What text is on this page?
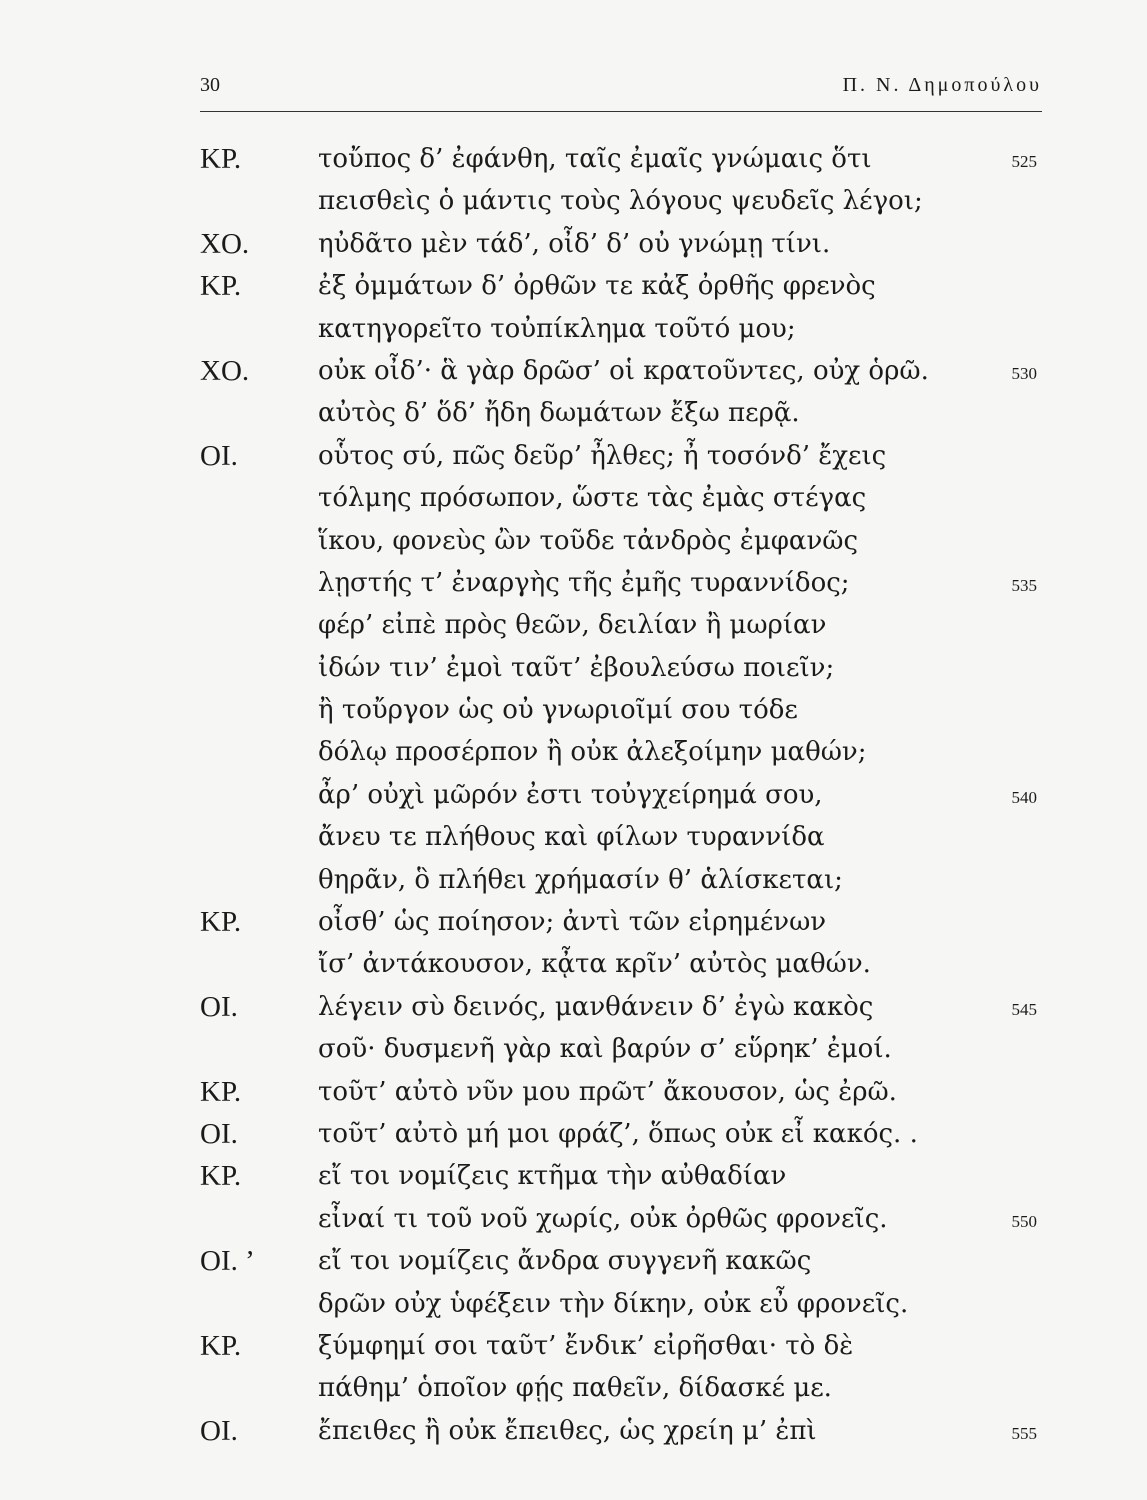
30	Π. Ν. Δημοπούλου
ΚΡ.	τοὔπος δ’ ἐφάνθη, ταῖς ἐμαῖς γνώμαις ὅτι	525
πεισθεὶς ὁ μάντις τοὺς λόγους ψευδεῖς λέγοι;
ΧΟ.	ηὐδᾶτο μὲν τάδ’, οἶδ’ δ’ οὐ γνώμῃ τίνι.
ΚΡ.	ἐξ ὀμμάτων δ’ ὀρθῶν τε κἀξ ὀρθῆς φρενὸς
κατηγορεῖτο τοὐπίκλημα τοῦτό μου;
ΧΟ.	οὐκ οἶδ’· ἃ γὰρ δρῶσ’ οἱ κρατοῦντες, οὐχ ὁρῶ.	530
αὐτὸς δ’ ὅδ’ ἤδη δωμάτων ἔξω περᾷ.
ΟΙ.	οὗτος σύ, πῶς δεῦρ’ ἦλθες; ἦ τοσόνδ’ ἔχεις
τόλμης πρόσωπον, ὥστε τὰς ἐμὰς στέγας
ἵκου, φονεὺς ὢν τοῦδε τἀνδρὸς ἐμφανῶς
λῃστής τ’ ἐναργὴς τῆς ἐμῆς τυραννίδος;	535
φέρ’ εἰπὲ πρὸς θεῶν, δειλίαν ἢ μωρίαν
ἰδών τιν’ ἐμοὶ ταῦτ’ ἐβουλεύσω ποιεῖν;
ἢ τοὔργον ὡς οὐ γνωριοῖμί σου τόδε
δόλῳ προσέρπον ἢ οὐκ ἀλεξοίμην μαθών;
ἆρ’ οὐχὶ μῶρόν ἐστι τοὐγχείρημά σου,	540
ἄνευ τε πλήθους καὶ φίλων τυραννίδα
θηρᾶν, ὃ πλήθει χρήμασίν θ’ ἁλίσκεται;
ΚΡ.	οἶσθ’ ὡς ποίησον; ἀντὶ τῶν εἰρημένων
ἴσ’ ἀντάκουσον, κᾆτα κρῖν’ αὐτὸς μαθών.
ΟΙ.	λέγειν σὺ δεινός, μανθάνειν δ’ ἐγὼ κακὸς	545
σοῦ· δυσμενῆ γὰρ καὶ βαρύν σ’ εὕρηκ’ ἐμοί.
ΚΡ.	τοῦτ’ αὐτὸ νῦν μου πρῶτ’ ἄκουσον, ὡς ἐρῶ.
ΟΙ.	τοῦτ’ αὐτὸ μή μοι φράζ’, ὅπως οὐκ εἶ κακός. .
ΚΡ.	εἴ τοι νομίζεις κτῆμα τὴν αὐθαδίαν
εἶναί τι τοῦ νοῦ χωρίς, οὐκ ὀρθῶς φρονεῖς.	550
ΟΙ. ’ εἴ τοι νομίζεις ἄνδρα συγγενῆ κακῶς
δρῶν οὐχ ὑφέξειν τὴν δίκην, οὐκ εὖ φρονεῖς.
ΚΡ.	ξύμφημί σοι ταῦτ’ ἔνδικ’ εἰρῆσθαι· τὸ δὲ
πάθημ’ ὁποῖον φῄς παθεῖν, δίδασκέ με.
ΟΙ.	ἔπειθες ἢ οὐκ ἔπειθες, ὡς χρείη μ’ ἐπὶ	555
